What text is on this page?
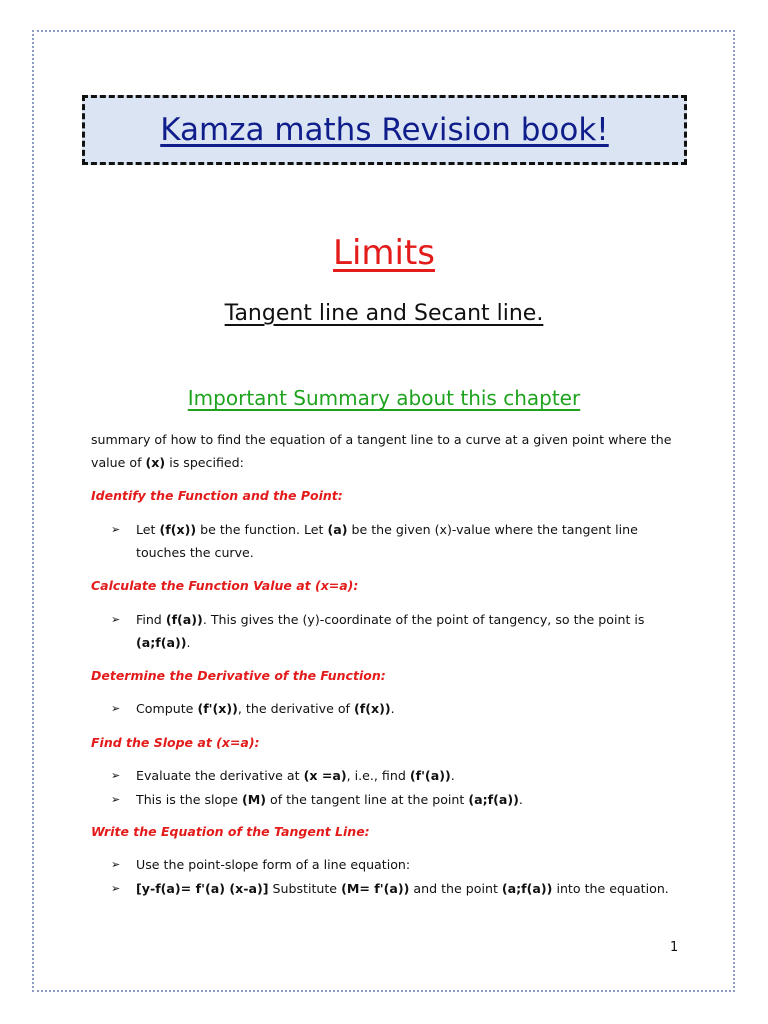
Kamza maths Revision book!
Limits
Tangent line and Secant line.
Important Summary about this chapter
summary of how to find the equation of a tangent line to a curve at a given point where the value of (x) is specified:
Identify the Function and the Point:
➢	Let (f(x)) be the function. Let (a) be the given (x)-value where the tangent line touches the curve.
Calculate the Function Value at (x=a):
➢	Find (f(a)). This gives the (y)-coordinate of the point of tangency, so the point is (a;f(a)).
Determine the Derivative of the Function:
➢	Compute (f'(x)), the derivative of (f(x)).
Find the Slope at (x=a):
➢	Evaluate the derivative at (x =a), i.e., find (f'(a)).
➢	This is the slope (M) of the tangent line at the point (a;f(a)).
Write the Equation of the Tangent Line:
➢	Use the point-slope form of a line equation:
➢	[y-f(a)= f'(a) (x-a)] Substitute (M= f'(a)) and the point (a;f(a)) into the equation.
1
